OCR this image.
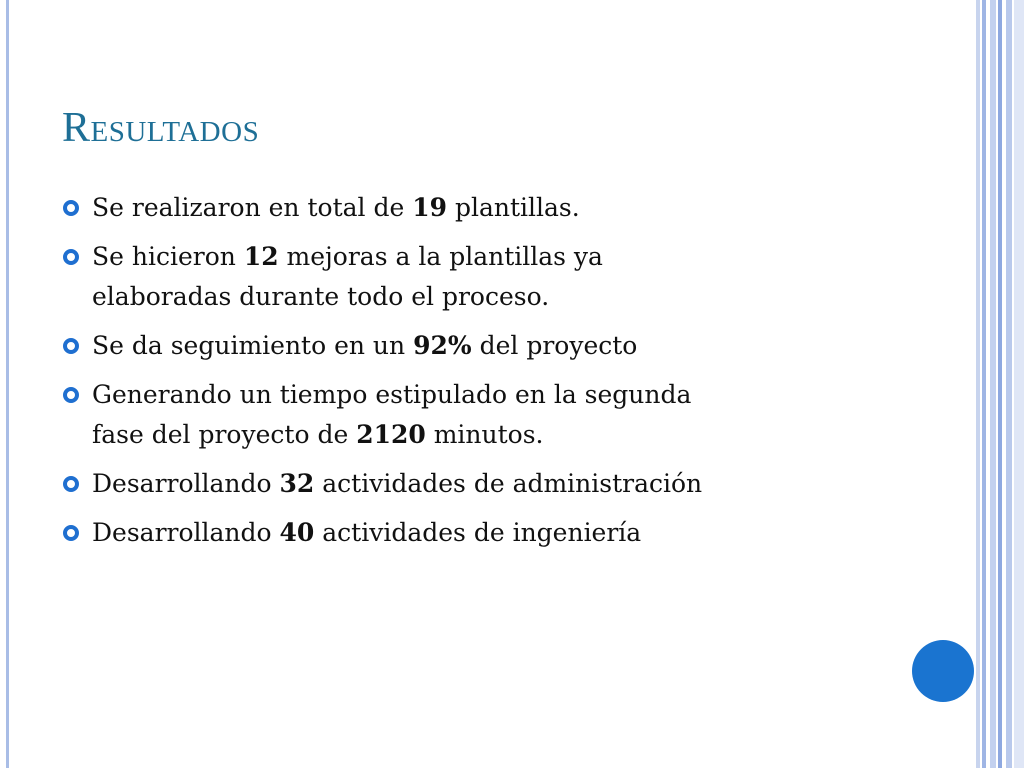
Resultados
Se realizaron en total de 19 plantillas.
Se hicieron 12 mejoras a la plantillas ya
elaboradas durante todo el proceso.
Se da seguimiento en un 92% del proyecto
Generando un tiempo estipulado en la segunda
fase del proyecto de 2120 minutos.
Desarrollando 32 actividades de administración
Desarrollando 40 actividades de ingeniería
